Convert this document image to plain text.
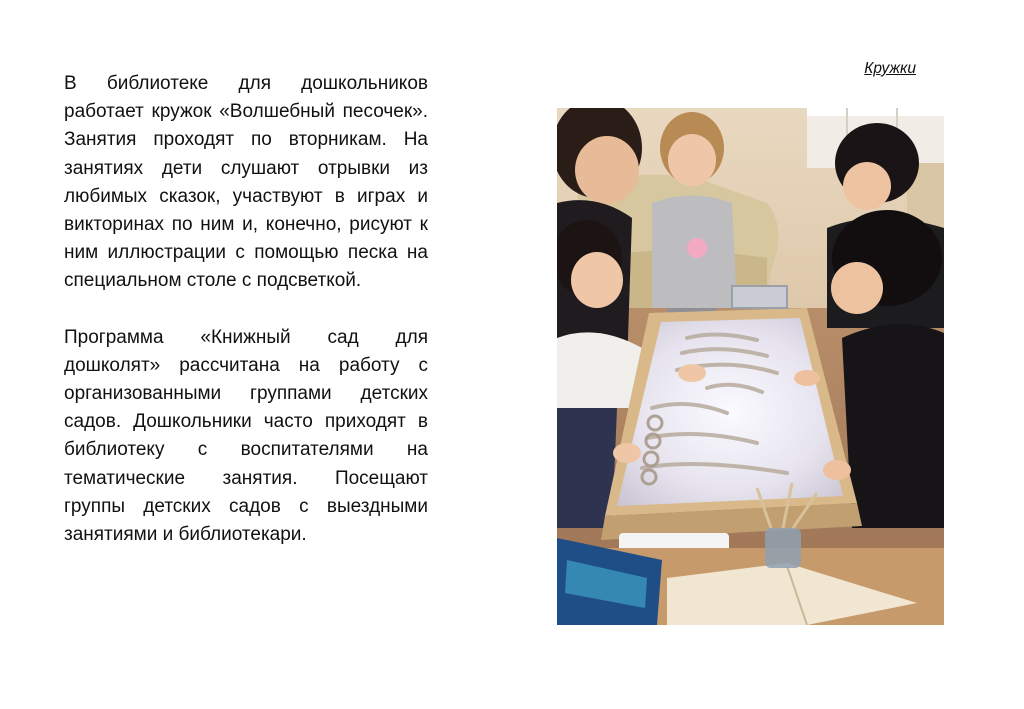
Кружки

В библиотеке для дошкольников работает кружок «Волшебный песочек». Занятия проходят по вторникам. На занятиях дети слушают отрывки из любимых сказок, участвуют в играх и викторинах по ним и, конечно, рисуют к ним иллюстрации с помощью песка на специальном столе с подсветкой.

Программа «Книжный сад для дошколят» рассчитана на работу с организованными группами детских садов. Дошкольники часто приходят в библиотеку с воспитателями на тематические занятия. Посещают группы детских садов с выездными занятиями и библиотекари.
